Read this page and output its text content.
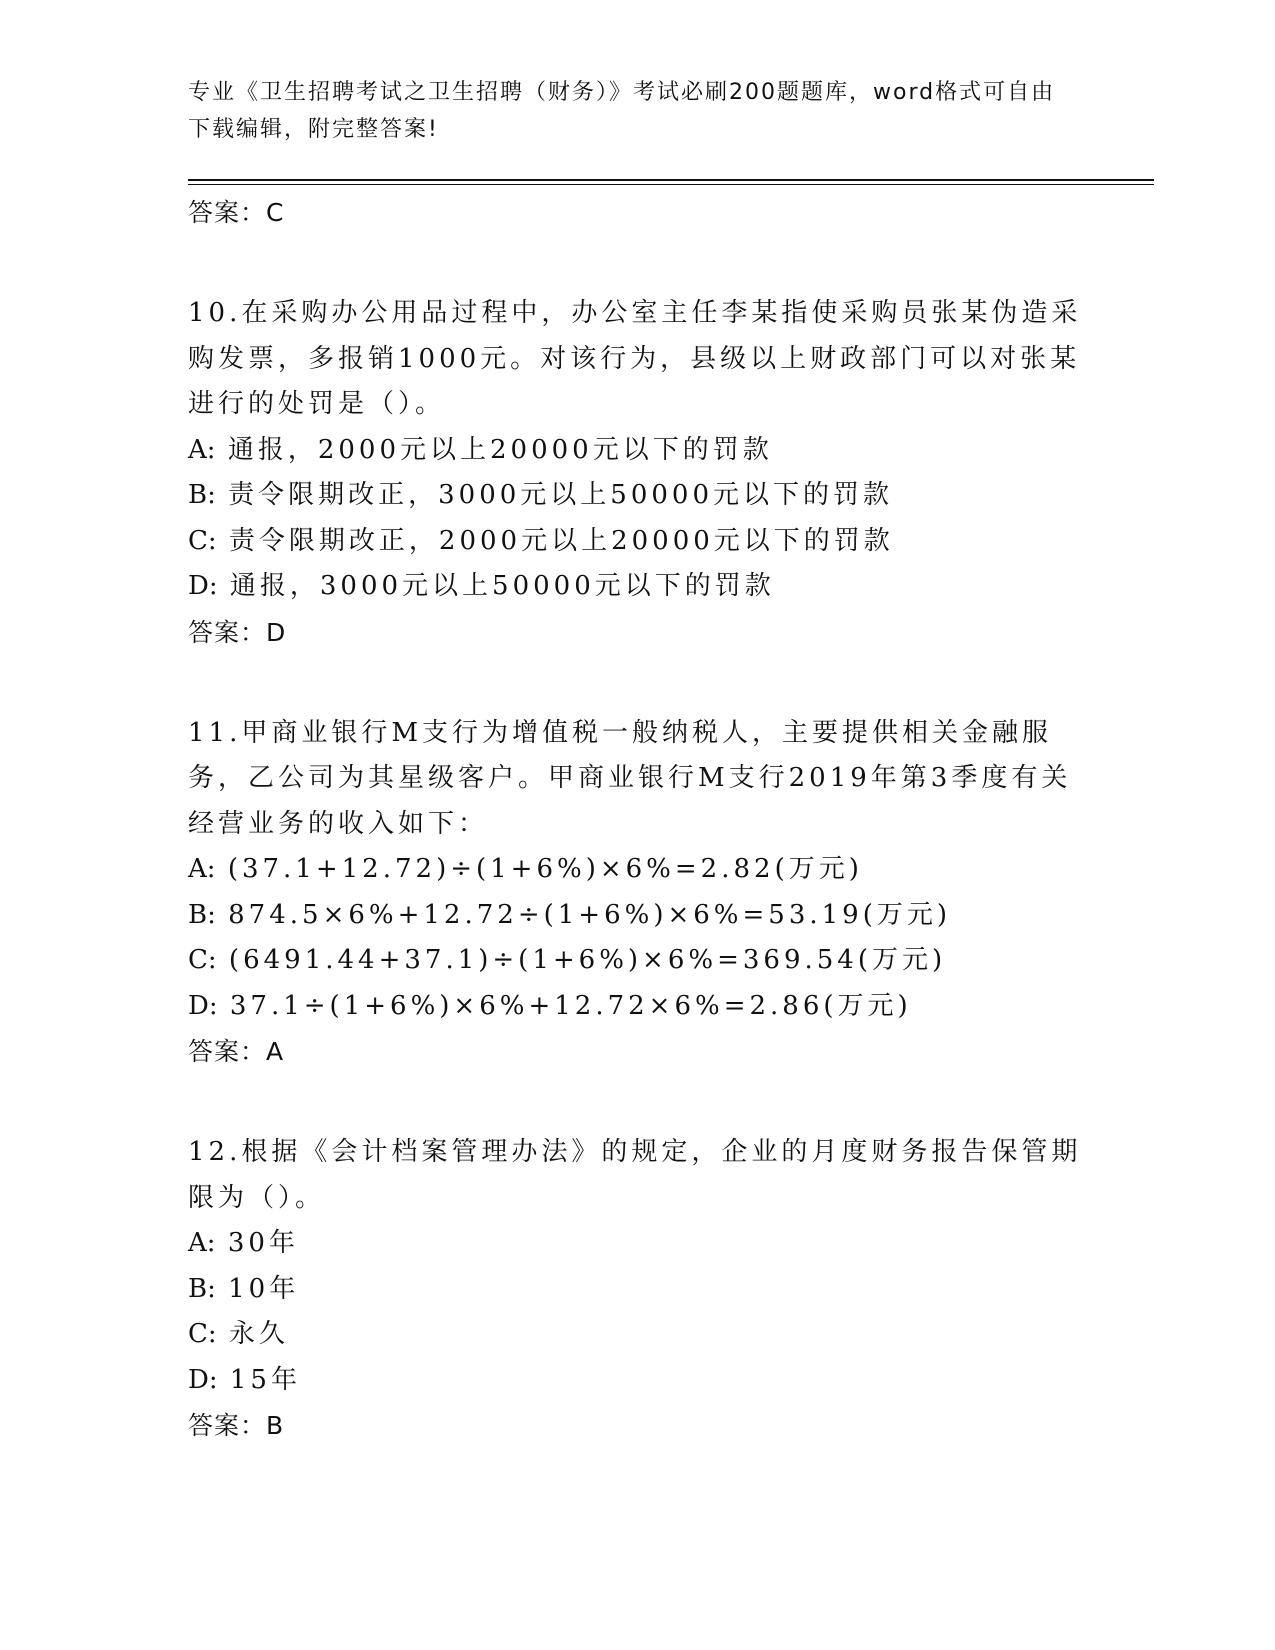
专业《卫生招聘考试之卫生招聘（财务）》考试必刷200题题库，word格式可自由下载编辑，附完整答案!
答案：C
10.在采购办公用品过程中，办公室主任李某指使采购员张某伪造采购发票，多报销1000元。对该行为，县级以上财政部门可以对张某进行的处罚是（）。
A: 通报，2000元以上20000元以下的罚款
B: 责令限期改正，3000元以上50000元以下的罚款
C: 责令限期改正，2000元以上20000元以下的罚款
D: 通报，3000元以上50000元以下的罚款
答案：D
11.甲商业银行M支行为增值税一般纳税人，主要提供相关金融服务，乙公司为其星级客户。甲商业银行M支行2019年第3季度有关经营业务的收入如下：
A: (37.1+12.72)÷(1+6%)×6%=2.82(万元)
B: 874.5×6%+12.72÷(1+6%)×6%=53.19(万元)
C: (6491.44+37.1)÷(1+6%)×6%=369.54(万元)
D: 37.1÷(1+6%)×6%+12.72×6%=2.86(万元)
答案：A
12.根据《会计档案管理办法》的规定，企业的月度财务报告保管期限为（）。
A: 30年
B: 10年
C: 永久
D: 15年
答案：B
